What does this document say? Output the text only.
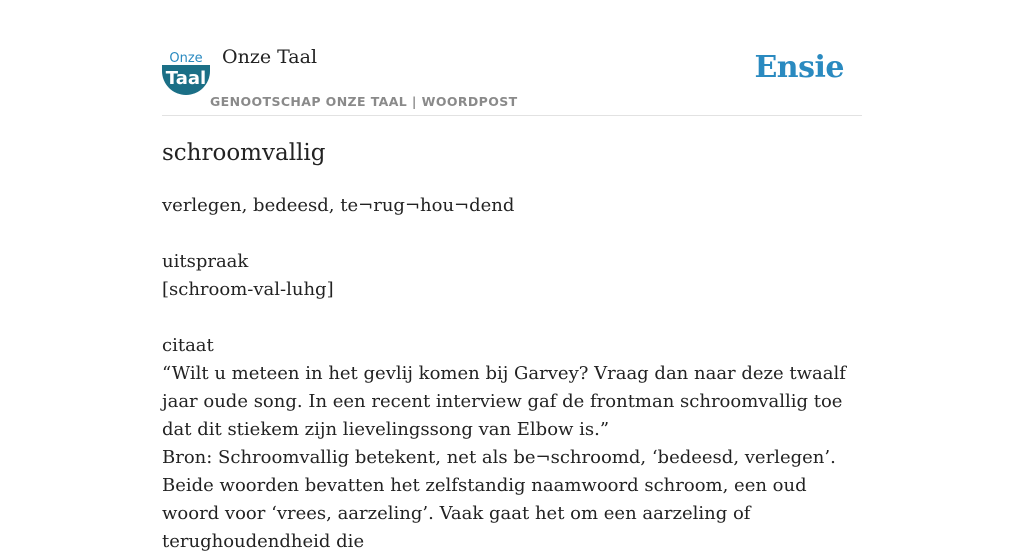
Onze
Taal
Onze Taal
GENOOTSCHAP ONZE TAAL | WOORDPOST
Ensie
schroomvallig

verlegen, bedeesd, te¬rug¬hou¬dend

uitspraak

[schroom-val-luhg]

citaat

“Wilt u meteen in het gevlij komen bij Garvey? Vraag dan naar deze twaalf jaar oude song. In een recent interview gaf de frontman schroomvallig toe dat dit stiekem zijn lievelingssong van Elbow is.”

Bron: Schroomvallig betekent, net als be¬schroomd, ‘bedeesd, verlegen’. Beide woorden bevatten het zelfstandig naamwoord schroom, een oud woord voor ‘vrees, aarzeling’. Vaak gaat het om een aarzeling of terughoudendheid die
